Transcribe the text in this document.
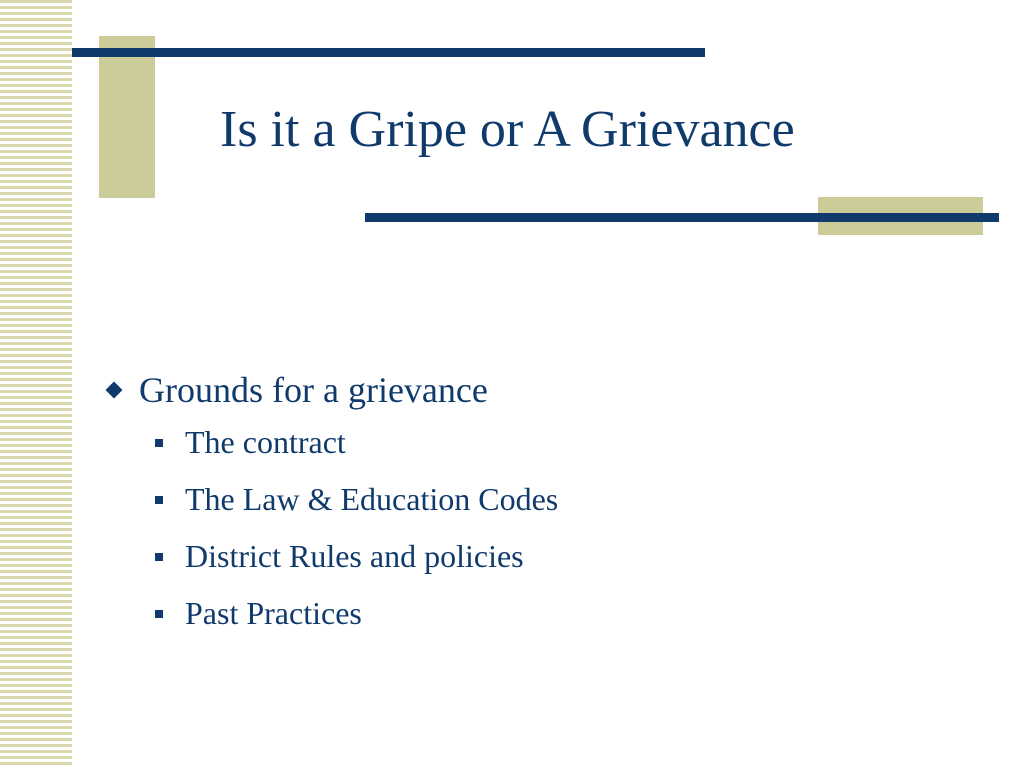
Is it a Gripe or A Grievance
Grounds for a grievance
The contract
The Law & Education Codes
District Rules and policies
Past Practices
